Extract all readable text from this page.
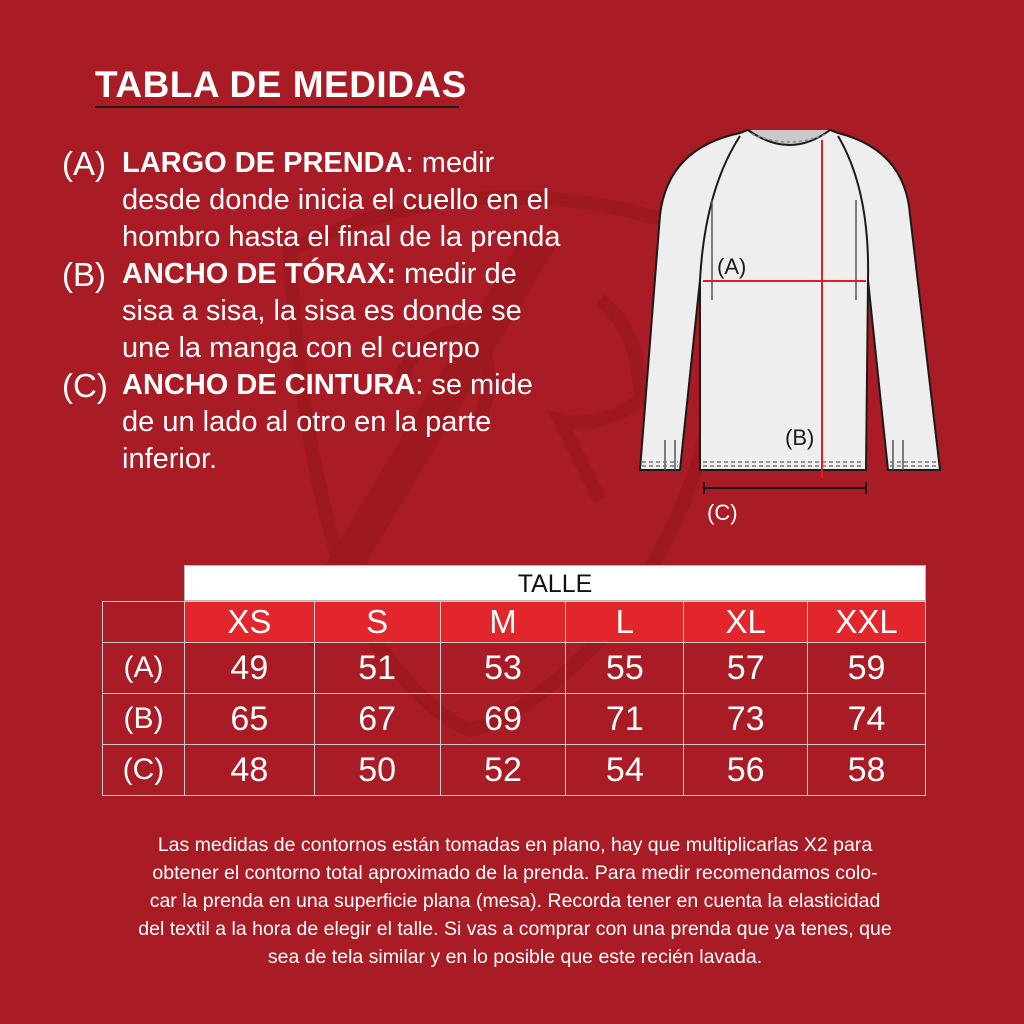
TABLA DE MEDIDAS
(A) LARGO DE PRENDA: medir desde donde inicia el cuello en el hombro hasta el final de la prenda
(B) ANCHO DE TÓRAX: medir de sisa a sisa, la sisa es donde se une la manga con el cuerpo
(C) ANCHO DE CINTURA: se mide de un lado al otro en la parte inferior.
(A)
(B)
(C)
TALLE
	XS	S	M	L	XL	XXL
(A)	49	51	53	55	57	59
(B)	65	67	69	71	73	74
(C)	48	50	52	54	56	58
Las medidas de contornos están tomadas en plano, hay que multiplicarlas X2 para
obtener el contorno total aproximado de la prenda. Para medir recomendamos colo-
car la prenda en una superficie plana (mesa). Recorda tener en cuenta la elasticidad
del textil a la hora de elegir el talle. Si vas a comprar con una prenda que ya tenes, que
sea de tela similar y en lo posible que este recién lavada.
